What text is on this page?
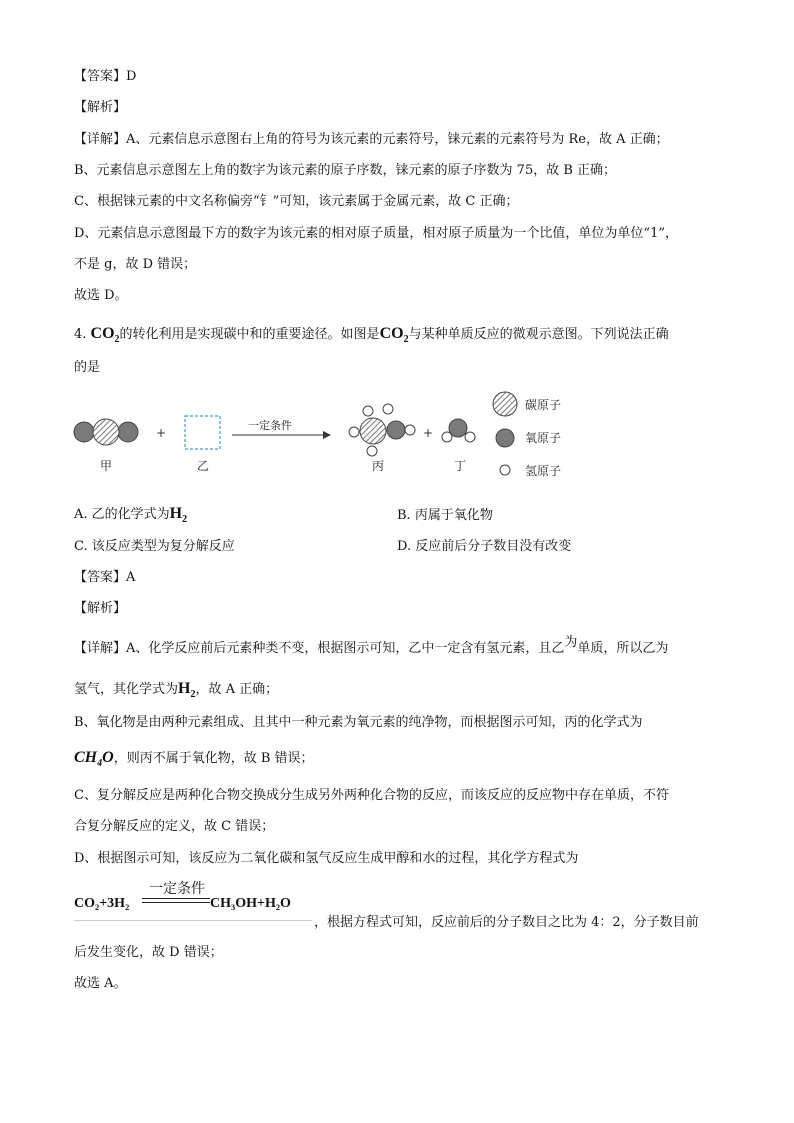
【答案】D
【解析】
【详解】A、元素信息示意图右上角的符号为该元素的元素符号，铼元素的元素符号为 Re，故 A 正确；
B、元素信息示意图左上角的数字为该元素的原子序数，铼元素的原子序数为 75，故 B 正确；
C、根据铼元素的中文名称偏旁“钅”可知，该元素属于金属元素，故 C 正确；
D、元素信息示意图最下方的数字为该元素的相对原子质量，相对原子质量为一个比值，单位为单位“1”，
不是 g，故 D 错误；
故选 D。
4. $CO_2$的转化利用是实现碳中和的重要途径。如图是$CO_2$与某种单质反应的微观示意图。下列说法正确
的是
甲
+
乙
一定条件
丙
+
丁
碳原子
氧原子
氢原子
A. 乙的化学式为$H_2$	B. 丙属于氧化物
C. 该反应类型为复分解反应	D. 反应前后分子数目没有改变
【答案】A
【解析】
【详解】A、化学反应前后元素种类不变，根据图示可知，乙中一定含有氢元素，且乙为单质，所以乙为
氢气，其化学式为$H_2$，故 A 正确；
B、氧化物是由两种元素组成、且其中一种元素为氧元素的纯净物，而根据图示可知，丙的化学式为
$CH_4O$，则丙不属于氧化物，故 B 错误；
C、复分解反应是两种化合物交换成分生成另外两种化合物的反应，而该反应的反应物中存在单质，不符
合复分解反应的定义，故 C 错误；
D、根据图示可知，该反应为二氧化碳和氢气反应生成甲醇和水的过程，其化学方程式为
一定条件
CO₂+3H₂	CH₃OH+H₂O
，根据方程式可知，反应前后的分子数目之比为 4：2，分子数目前
后发生变化，故 D 错误；
故选 A。
